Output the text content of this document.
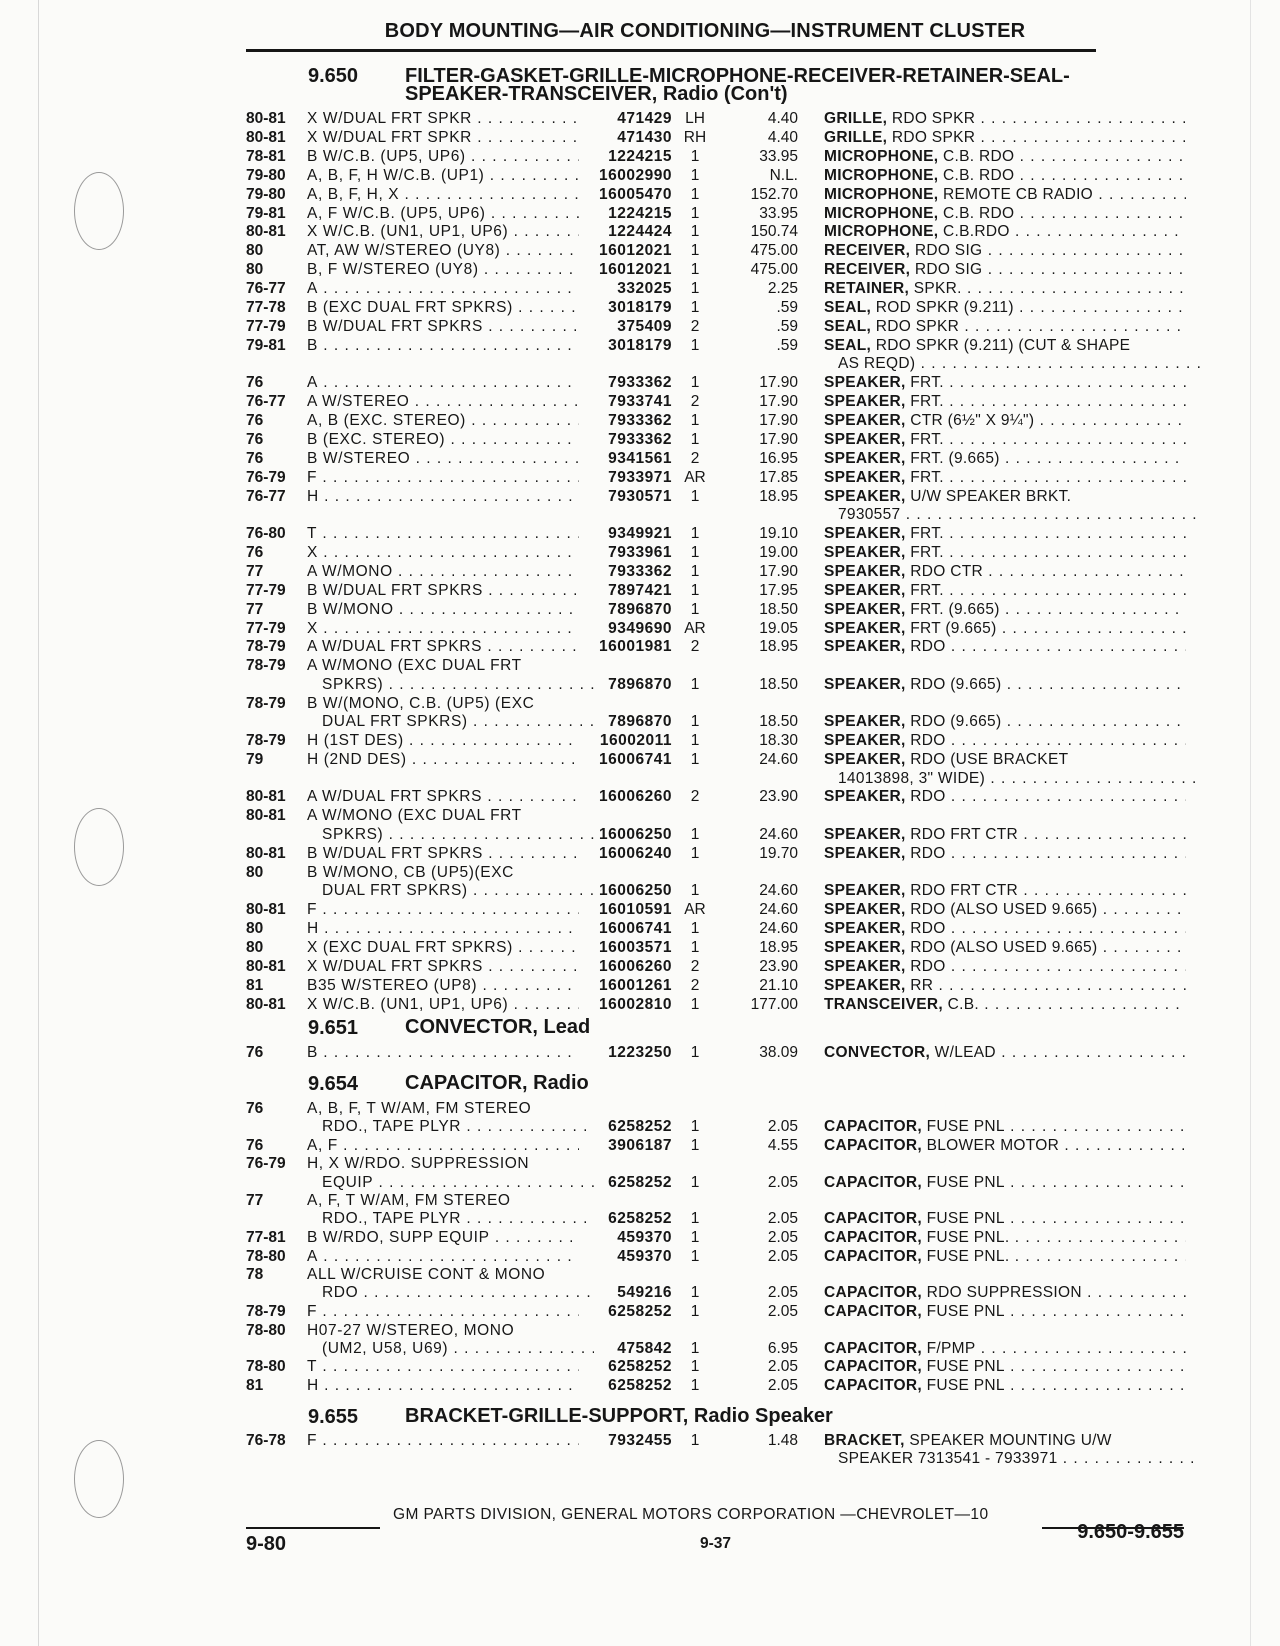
BODY MOUNTING—AIR CONDITIONING—INSTRUMENT CLUSTER
9.650 FILTER-GASKET-GRILLE-MICROPHONE-RECEIVER-RETAINER-SEAL-
SPEAKER-TRANSCEIVER, Radio (Con't)
9.651 CONVECTOR, Lead
9.654 CAPACITOR, Radio
9.655 BRACKET-GRILLE-SUPPORT, Radio Speaker
80-81	X W/DUAL FRT SPKR . . .	471429 LH	4.40 GRILLE, RDO SPKR . . .
80-81	X W/DUAL FRT SPKR . . .	471430 RH	4.40 GRILLE, RDO SPKR . . .
78-81	B W/C.B. (UP5, UP6) . . .	1224215	1	33.95 MICROPHONE, C.B. RDO . . .
79-80	A, B, F, H W/C.B. (UP1) . . .	16002990	1	N.L. MICROPHONE, C.B. RDO . . .
79-80	A, B, F, H, X . . .	16005470	1	152.70 MICROPHONE, REMOTE CB RADIO . . .
79-81	A, F W/C.B. (UP5, UP6) . . .	1224215	1	33.95 MICROPHONE, C.B. RDO . . .
80-81	X W/C.B. (UN1, UP1, UP6) . . .	1224424	1	150.74 MICROPHONE, C.B.RDO . . .
80	AT, AW W/STEREO (UY8) . . .	16012021	1	475.00 RECEIVER, RDO SIG . . .
80	B, F W/STEREO (UY8) . . .	16012021	1	475.00 RECEIVER, RDO SIG . . .
76-77	A . . .	332025	1	2.25 RETAINER, SPKR. . . .
77-78	B (EXC DUAL FRT SPKRS) . . .	3018179	1	.59 SEAL, ROD SPKR (9.211) . . .
77-79	B W/DUAL FRT SPKRS . . .	375409	2	.59 SEAL, RDO SPKR . . .
79-81	B . . .	3018179	1	.59 SEAL, RDO SPKR (9.211) (CUT & SHAPE
AS REQD) . . .
76	A . . .	7933362	1	17.90 SPEAKER, FRT. . . .
76-77	A W/STEREO . . .	7933741	2	17.90 SPEAKER, FRT. . . .
76	A, B (EXC. STEREO) . . .	7933362	1	17.90 SPEAKER, CTR (6½" X 9¼") . . .
76	B (EXC. STEREO) . . .	7933362	1	17.90 SPEAKER, FRT. . . .
76	B W/STEREO . . .	9341561	2	16.95 SPEAKER, FRT. (9.665) . . .
76-79	F . . .	7933971 AR	17.85 SPEAKER, FRT. . . .
76-77	H . . .	7930571	1	18.95 SPEAKER, U/W SPEAKER BRKT.
7930557 . . .
76-80	T . . .	9349921	1	19.10 SPEAKER, FRT. . . .
76	X . . .	7933961	1	19.00 SPEAKER, FRT. . . .
77	A W/MONO . . .	7933362	1	17.90 SPEAKER, RDO CTR . . .
77-79	B W/DUAL FRT SPKRS . . .	7897421	1	17.95 SPEAKER, FRT. . . .
77	B W/MONO . . .	7896870	1	18.50 SPEAKER, FRT. (9.665) . . .
77-79	X . . .	9349690 AR	19.05 SPEAKER, FRT (9.665) . . .
78-79	A W/DUAL FRT SPKRS . . .	16001981	2	18.95 SPEAKER, RDO . . .
78-79	A W/MONO (EXC DUAL FRT
SPKRS) . . .	7896870	1	18.50 SPEAKER, RDO (9.665) . . .
78-79	B W/(MONO, C.B. (UP5) (EXC
DUAL FRT SPKRS) . . .	7896870	1	18.50 SPEAKER, RDO (9.665) . . .
78-79	H (1ST DES) . . .	16002011	1	18.30 SPEAKER, RDO . . .
79	H (2ND DES) . . .	16006741	1	24.60 SPEAKER, RDO (USE BRACKET
14013898, 3" WIDE) . . .
80-81	A W/DUAL FRT SPKRS . . .	16006260	2	23.90 SPEAKER, RDO . . .
80-81	A W/MONO (EXC DUAL FRT
SPKRS) . . .	16006250	1	24.60 SPEAKER, RDO FRT CTR . . .
80-81	B W/DUAL FRT SPKRS . . .	16006240	1	19.70 SPEAKER, RDO . . .
80	B W/MONO, CB (UP5)(EXC
DUAL FRT SPKRS) . . .	16006250	1	24.60 SPEAKER, RDO FRT CTR . . .
80-81	F . . .	16010591 AR	24.60 SPEAKER, RDO (ALSO USED 9.665) . . .
80	H . . .	16006741	1	24.60 SPEAKER, RDO . . .
80	X (EXC DUAL FRT SPKRS) . . .	16003571	1	18.95 SPEAKER, RDO (ALSO USED 9.665) . . .
80-81	X W/DUAL FRT SPKRS . . .	16006260	2	23.90 SPEAKER, RDO . . .
81	B35 W/STEREO (UP8) . . .	16001261	2	21.10 SPEAKER, RR . . .
80-81	X W/C.B. (UN1, UP1, UP6) . . .	16002810	1	177.00 TRANSCEIVER, C.B. . . .
76	B . . .	1223250	1	38.09 CONVECTOR, W/LEAD . . .
76	A, B, F, T W/AM, FM STEREO
RDO., TAPE PLYR . . .	6258252	1	2.05 CAPACITOR, FUSE PNL . . .
76	A, F . . .	3906187	1	4.55 CAPACITOR, BLOWER MOTOR . . .
76-79	H, X W/RDO. SUPPRESSION
EQUIP . . .	6258252	1	2.05 CAPACITOR, FUSE PNL . . .
77	A, F, T W/AM, FM STEREO
RDO., TAPE PLYR . . .	6258252	1	2.05 CAPACITOR, FUSE PNL . . .
77-81	B W/RDO, SUPP EQUIP . . .	459370	1	2.05 CAPACITOR, FUSE PNL. . . .
78-80	A . . .	459370	1	2.05 CAPACITOR, FUSE PNL. . . .
78	ALL W/CRUISE CONT & MONO
RDO . . .	549216	1	2.05 CAPACITOR, RDO SUPPRESSION . . .
78-79	F . . .	6258252	1	2.05 CAPACITOR, FUSE PNL . . .
78-80	H07-27 W/STEREO, MONO
(UM2, U58, U69) . . .	475842	1	6.95 CAPACITOR, F/PMP . . .
78-80	T . . .	6258252	1	2.05 CAPACITOR, FUSE PNL . . .
81	H . . .	6258252	1	2.05 CAPACITOR, FUSE PNL . . .
76-78	F . . .	7932455	1	1.48 BRACKET, SPEAKER MOUNTING U/W
SPEAKER 7313541 - 7933971 . . .
GM PARTS DIVISION, GENERAL MOTORS CORPORATION —CHEVROLET—10
9-80	9-37
9.650-9.655
